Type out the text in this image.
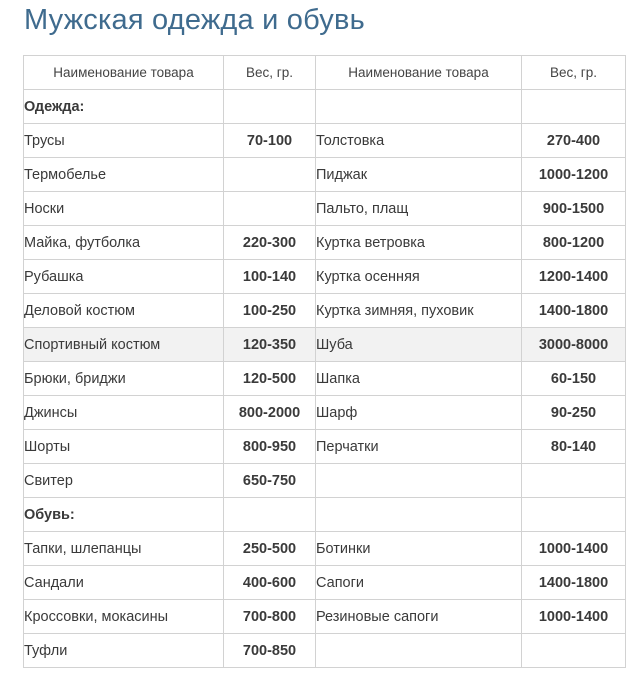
Мужская одежда и обувь
Наименование товара	Вес, гр.	Наименование товара	Вес, гр.
Одежда:			
Трусы	70-100	Толстовка	270-400
Термобелье		Пиджак	1000-1200
Носки		Пальто, плащ	900-1500
Майка, футболка	220-300	Куртка ветровка	800-1200
Рубашка	100-140	Куртка осенняя	1200-1400
Деловой костюм	100-250	Куртка зимняя, пуховик	1400-1800
Спортивный костюм	120-350	Шуба	3000-8000
Брюки, бриджи	120-500	Шапка	60-150
Джинсы	800-2000	Шарф	90-250
Шорты	800-950	Перчатки	80-140
Свитер	650-750		
Обувь:			
Тапки, шлепанцы	250-500	Ботинки	1000-1400
Сандали	400-600	Сапоги	1400-1800
Кроссовки, мокасины	700-800	Резиновые сапоги	1000-1400
Туфли	700-850		
